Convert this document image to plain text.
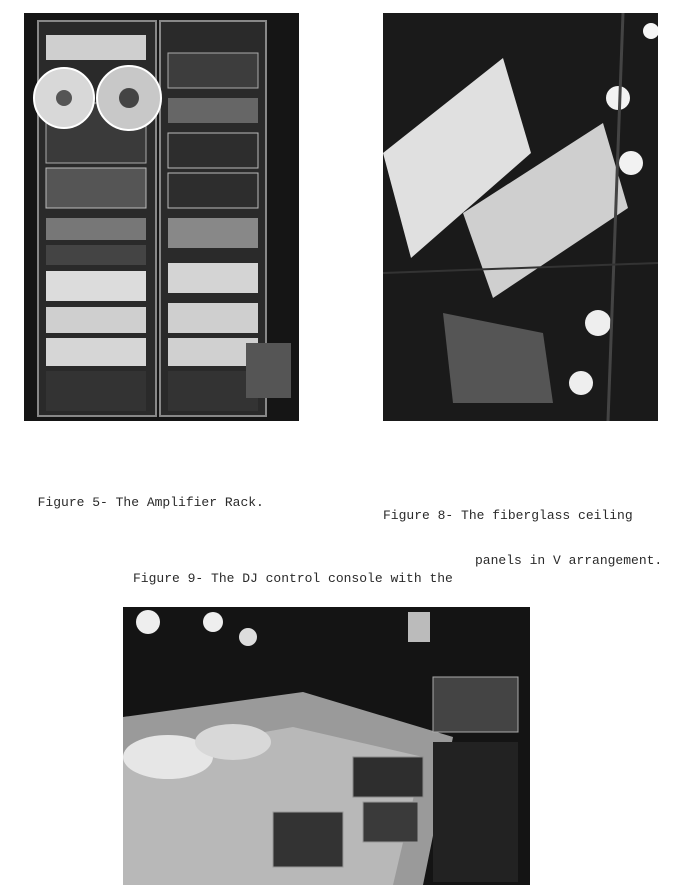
Figure 5- The Amplifier Rack.

Figure 8- The fiberglass ceiling

panels in V arrangement.

Figure 9- The DJ control console with the
